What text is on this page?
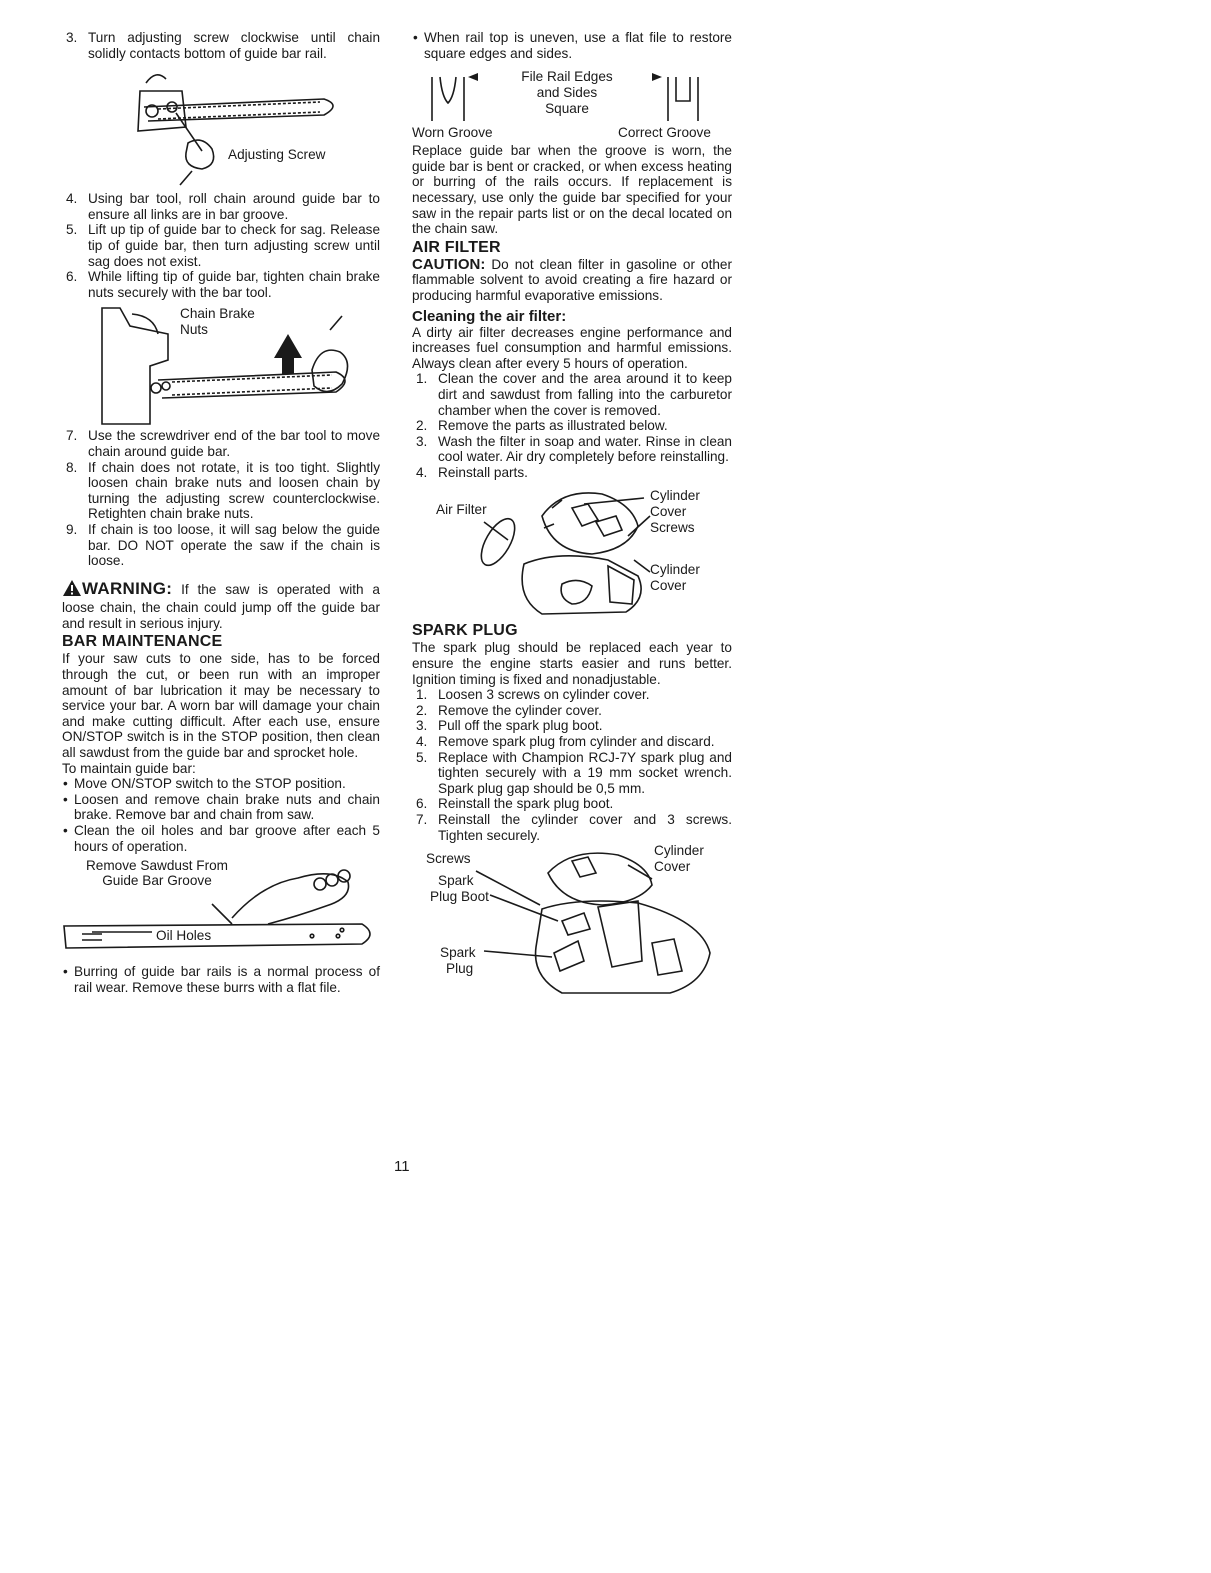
3. Turn adjusting screw clockwise until chain solidly contacts bottom of guide bar rail.
Adjusting Screw
4. Using bar tool, roll chain around guide bar to ensure all links are in bar groove.
5. Lift up tip of guide bar to check for sag. Release tip of guide bar, then turn adjusting screw until sag does not exist.
6. While lifting tip of guide bar, tighten chain brake nuts securely with the bar tool.
Chain Brake
Nuts
7. Use the screwdriver end of the bar tool to move chain around guide bar.
8. If chain does not rotate, it is too tight. Slightly loosen chain brake nuts and loosen chain by turning the adjusting screw counterclockwise. Retighten chain brake nuts.
9. If chain is too loose, it will sag below the guide bar. DO NOT operate the saw if the chain is loose.

WARNING: If the saw is operated with a loose chain, the chain could jump off the guide bar and result in serious injury.

BAR MAINTENANCE

If your saw cuts to one side, has to be forced through the cut, or been run with an improper amount of bar lubrication it may be necessary to service your bar. A worn bar will damage your chain and make cutting difficult. After each use, ensure ON/STOP switch is in the STOP position, then clean all sawdust from the guide bar and sprocket hole.

To maintain guide bar:

• Move ON/STOP switch to the STOP position.
• Loosen and remove chain brake nuts and chain brake. Remove bar and chain from saw.
• Clean the oil holes and bar groove after each 5 hours of operation.
Remove Sawdust From
Guide Bar Groove
Oil Holes
• Burring of guide bar rails is a normal process of rail wear. Remove these burrs with a flat file.
• When rail top is uneven, use a flat file to restore square edges and sides.
File Rail Edges
and Sides
Square
Worn Groove	Correct Groove

Replace guide bar when the groove is worn, the guide bar is bent or cracked, or when excess heating or burring of the rails occurs. If replacement is necessary, use only the guide bar specified for your saw in the repair parts list or on the decal located on the chain saw.

AIR FILTER

CAUTION: Do not clean filter in gasoline or other flammable solvent to avoid creating a fire hazard or producing harmful evaporative emissions.

Cleaning the air filter:

A dirty air filter decreases engine performance and increases fuel consumption and harmful emissions. Always clean after every 5 hours of operation.

1. Clean the cover and the area around it to keep dirt and sawdust from falling into the carburetor chamber when the cover is removed.
2. Remove the parts as illustrated below.
3. Wash the filter in soap and water. Rinse in clean cool water. Air dry completely before reinstalling.
4. Reinstall parts.
Air Filter
Cylinder
Cover
Screws
Cylinder
Cover
SPARK PLUG

The spark plug should be replaced each year to ensure the engine starts easier and runs better. Ignition timing is fixed and nonadjustable.

1. Loosen 3 screws on cylinder cover.
2. Remove the cylinder cover.
3. Pull off the spark plug boot.
4. Remove spark plug from cylinder and discard.
5. Replace with Champion RCJ-7Y spark plug and tighten securely with a 19 mm socket wrench. Spark plug gap should be 0,5 mm.
6. Reinstall the spark plug boot.
7. Reinstall the cylinder cover and 3 screws. Tighten securely.
Screws
Cylinder
Cover
Spark
Plug Boot
Spark
Plug
11
